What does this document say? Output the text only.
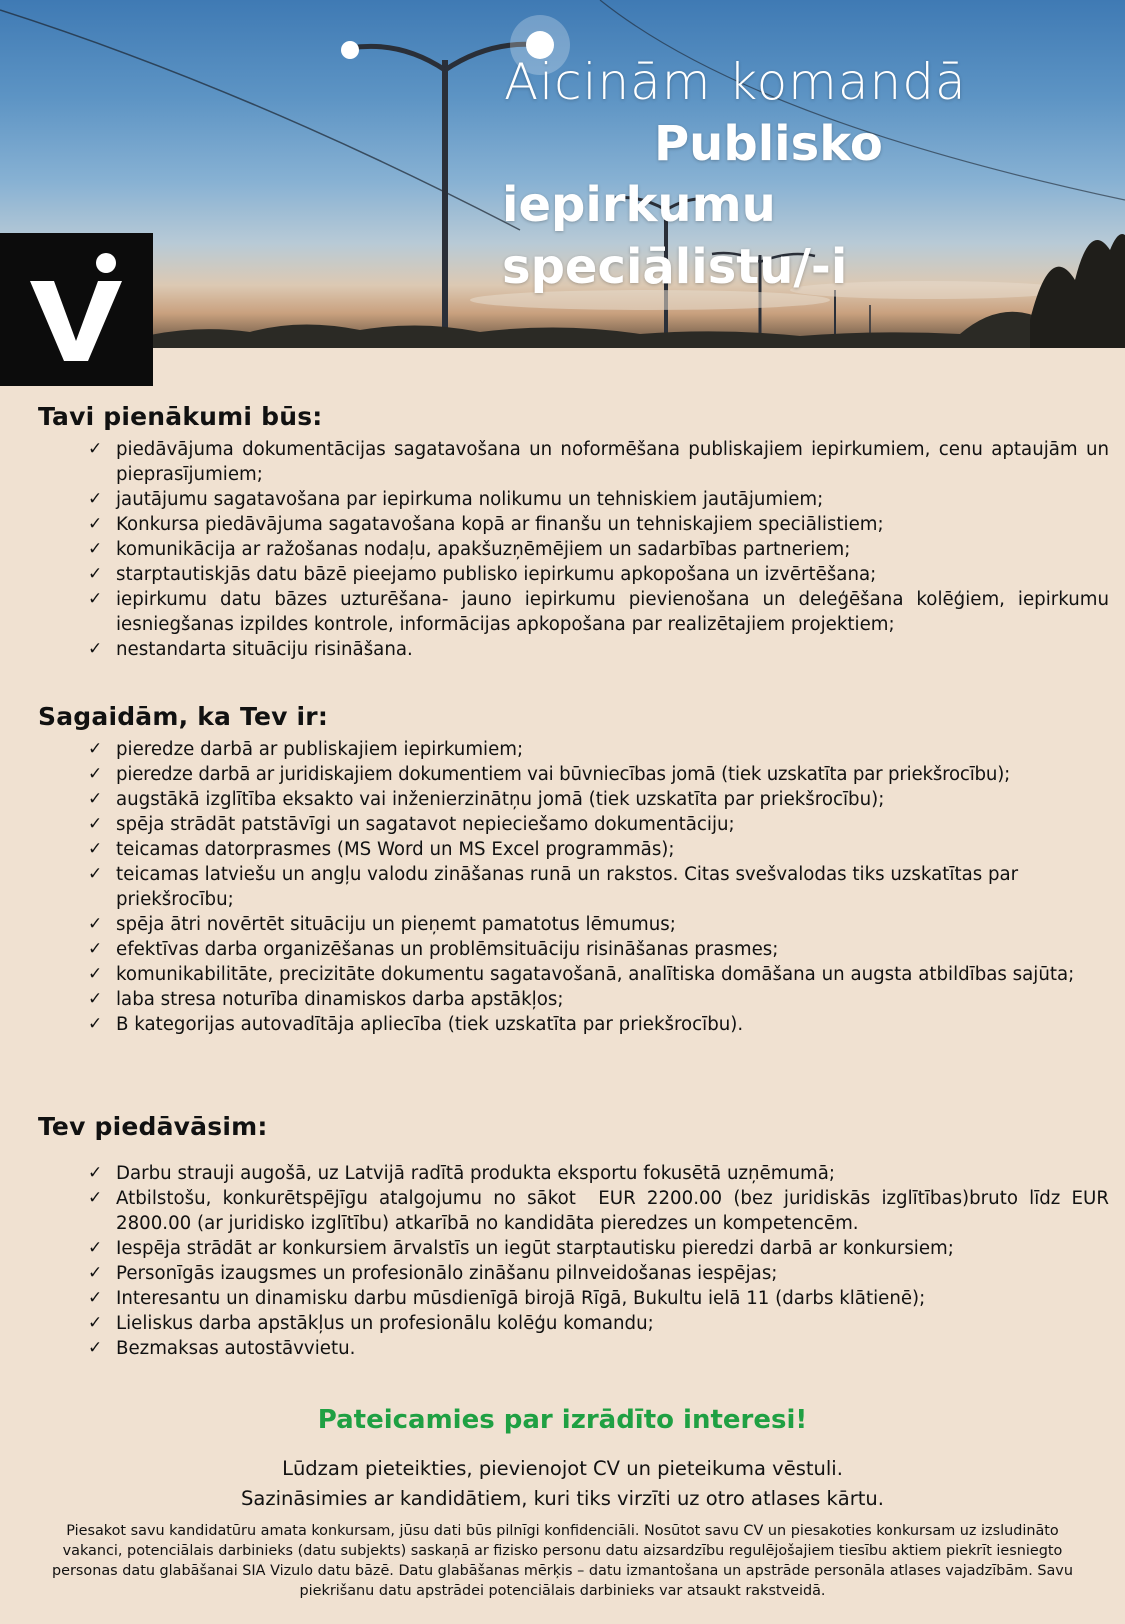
Aicinām komandā
Publisko
iepirkumu speciālistu/-i
Tavi pienākumi būs:
✓ piedāvājuma dokumentācijas sagatavošana un noformēšana publiskajiem iepirkumiem, cenu aptaujām un pieprasījumiem;
✓ jautājumu sagatavošana par iepirkuma nolikumu un tehniskiem jautājumiem;
✓ Konkursa piedāvājuma sagatavošana kopā ar finanšu un tehniskajiem speciālistiem;
✓ komunikācija ar ražošanas nodaļu, apakšuzņēmējiem un sadarbības partneriem;
✓ starptautiskjās datu bāzē pieejamo publisko iepirkumu apkopošana un izvērtēšana;
✓ iepirkumu datu bāzes uzturēšana- jauno iepirkumu pievienošana un deleģēšana kolēģiem, iepirkumu iesniegšanas izpildes kontrole, informācijas apkopošana par realizētajiem projektiem;
✓ nestandarta situāciju risināšana.
Sagaidām, ka Tev ir:
✓ pieredze darbā ar publiskajiem iepirkumiem;
✓ pieredze darbā ar juridiskajiem dokumentiem vai būvniecības jomā (tiek uzskatīta par priekšrocību);
✓ augstākā izglītība eksakto vai inženierzinātņu jomā (tiek uzskatīta par priekšrocību);
✓ spēja strādāt patstāvīgi un sagatavot nepieciešamo dokumentāciju;
✓ teicamas datorprasmes (MS Word un MS Excel programmās);
✓ teicamas latviešu un angļu valodu zināšanas runā un rakstos. Citas svešvalodas tiks uzskatītas par priekšrocību;
✓ spēja ātri novērtēt situāciju un pieņemt pamatotus lēmumus;
✓ efektīvas darba organizēšanas un problēmsituāciju risināšanas prasmes;
✓ komunikabilitāte, precizitāte dokumentu sagatavošanā, analītiska domāšana un augsta atbildības sajūta;
✓ laba stresa noturība dinamiskos darba apstākļos;
✓ B kategorijas autovadītāja apliecība (tiek uzskatīta par priekšrocību).
Tev piedāvāsim:
✓ Darbu strauji augošā, uz Latvijā radītā produkta eksportu fokusētā uzņēmumā;
✓ Atbilstošu, konkurētspējīgu atalgojumu no sākot  EUR 2200.00 (bez juridiskās izglītības)bruto līdz EUR 2800.00 (ar juridisko izglītību) atkarībā no kandidāta pieredzes un kompetencēm.
✓ Iespēja strādāt ar konkursiem ārvalstīs un iegūt starptautisku pieredzi darbā ar konkursiem;
✓ Personīgās izaugsmes un profesionālo zināšanu pilnveidošanas iespējas;
✓ Interesantu un dinamisku darbu mūsdienīgā birojā Rīgā, Bukultu ielā 11 (darbs klātienē);
✓ Lieliskus darba apstākļus un profesionālu kolēģu komandu;
✓ Bezmaksas autostāvvietu.
Pateicamies par izrādīto interesi!
Lūdzam pieteikties, pievienojot CV un pieteikuma vēstuli.
Sazināsimies ar kandidātiem, kuri tiks virzīti uz otro atlases kārtu.
Piesakot savu kandidatūru amata konkursam, jūsu dati būs pilnīgi konfidenciāli. Nosūtot savu CV un piesakoties konkursam uz izsludināto vakanci, potenciālais darbinieks (datu subjekts) saskaņā ar fizisko personu datu aizsardzību regulējošajiem tiesību aktiem piekrīt iesniegto personas datu glabāšanai SIA Vizulo datu bāzē. Datu glabāšanas mērķis – datu izmantošana un apstrāde personāla atlases vajadzībām. Savu piekrišanu datu apstrādei potenciālais darbinieks var atsaukt rakstveidā.
